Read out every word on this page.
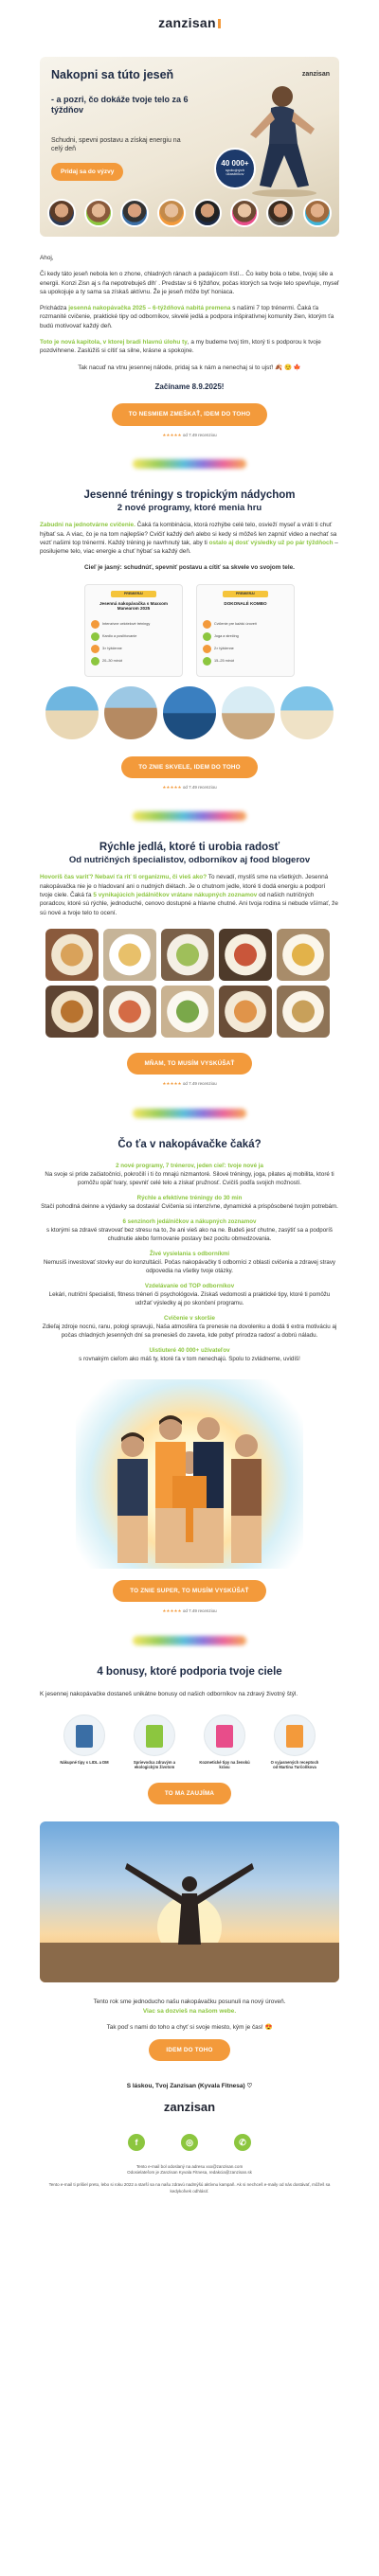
zanzisan
Nakopni sa túto jeseň
- a pozri, čo dokáže tvoje telo za 6 týždňov
Schudni, spevni postavu a získaj energiu na celý deň
Pridaj sa do výzvy
zanzisan
40 000+
spokojných účastníkov
Ahoj,
Či kedy táto jeseň nebola len o zhone, chladných ránach a padajúcom lístí... Čo keby bola o tebe, tvojej sile a energii. Konzi Zisn aj s ňa nepotrebuješ dlh' . Predstav si 6 týždňov, počas ktorých sa tvoje telo spevňuje, myseľ sa upokojuje a ty sama sa získaš aktívnu. Že je jeseň môže byť honiaca.
Prichádza jesenná nakopávačka 2025 – 6-týždňová nabitá premena s našimi 7 top trénermi. Čaká ťa rozmanité cvičenie, praktické tipy od odborníkov, skvelé jedlá a podpora inšpiratívnej komunity žien, ktorým ťa budú motivovať každý deň.
Toto je nová kapitola, v ktorej bradi hlavnú úlohu ty, a my budeme tvoj tím, ktorý ti s podporou k tvoje pozdvihnene. Zaslúžiš si cítiť sa silne, krásne a spokojne.
Tak nacuď na vtnu jesennej nálode, pridaj sa k nám a nenechaj si to ujsť! 🍂 ☺️ 🍁
Začíname 8.9.2025!
TO NESMIEM ZMEŠKAŤ, IDEM DO TOHO
★★★★★ od 7.49 recenziou
Jesenné tréningy s tropickým nádychom
2 nové programy, ktoré menia hru
Zabudni na jednotvárne cvičenie. Čaká ťa kombinácia, ktorá rozhýbe celé telo, osvieží myseľ a vráti ti chuť hýbať sa. A viac, čo je na tom najlepšie? Cvičiť každý deň alebo si kedy si môžeš len zapnúť video a nechať sa vezť našimi top trénermi. Každý tréning je navrhnutý tak, aby ti ostalo aj dosť výsledky už po pár týždňoch – posilujeme telo, viac energie a chuť hýbať sa každý deň.
Cieľ je jasný: schudnúť, spevniť postavu a cítiť sa skvele vo svojom tele.
PREMIERA!
Jesenná nakopávačka s Maxxom Manearom 2025
Intenzívne celotelové tréningy
Kardio a posilňovanie
3× týždenne
20–30 minút
PREMIERA!
DOKONALÉ KOMBO
Cvičenie pre každú úroveň
Joga a strečing
2× týždenne
15–25 minút
TO ZNIE SKVELE, IDEM DO TOHO
★★★★★ od 7.49 recenziou
Rýchle jedlá, ktoré ti urobia radosť
Od nutričných špecialistov, odborníkov aj food blogerov
Hovoríš čas variť? Nebaví ťa riť ti organizmu, či vieš ako? To nevadí, myslíš sme na všetkých. Jesenná nakopávačka nie je o hladovaní ani o nudných diétach. Je o chutnom jedle, ktoré ti dodá energiu a podporí tvoje ciele. Čaká ťa 5 vynikajúcich jedálničkov vrátane nákupných zoznamov od našich nutričných poradcov, ktoré sú rýchle, jednoduché, cenovo dostupné a hlavne chutné. Ani tvoja rodina si nebude všímať, že sú nové a tvoje telo to ocení.
MŇAM, TO MUSÍM VYSKÚŠAŤ
★★★★★ od 7.49 recenziou
Čo ťa v nakopávačke čaká?
2 nové programy, 7 trénerov, jeden cieľ: tvoje nové ja
Na svoje si príde začiatočníci, pokročilí i ti čo mnajú nizmantoré. Silové tréningy, joga, pilates aj mobilita, ktoré ti pomôžu opäť tvary, spevniť celé telo a získať pružnosť. Cvičíš podľa svojich možností.
Rýchle a efektívne tréningy do 30 min
Stačí pohodlná deinne a výdavky sa dostavia! Cvičenia sú intenzívne, dynamické a prispôsobené tvojim potrebám.
6 senzinorh jedálničkov a nákupných zoznamov
s ktorými sa zdravé stravovať bez stresu na to, že ani vieš ako na ne. Budeš jesť chutne, zasýtiť sa a podporíš chudnutie alebo formovanie postavy bez pocitu obmedzovania.
Živé vysielania s odborníkmi
Nemusíš investovať stovky eur do konzultácií. Počas nakopávačky ti odborníci z oblasti cvičenia a zdravej stravy odpovedia na všetky tvoje otázky.
Vzdelávanie od TOP odborníkov
Lekári, nutriční špecialisti, fitness tréneri či psychológovia. Získaš vedomosti a praktické tipy, ktoré ti pomôžu udržať výsledky aj po skončení programu.
Cvičenie v skoršie
Zdieľaj zdroje nocnú, ranu, pologi spravujú, Naša atmosféra ťa prenesie na dovolenku a dodá ti extra motiváciu aj počas chladných jesenných dní sa prenesieš do zaveta, kde pobyť prirodza radosť a dobrú náladu.
Uistiuteré 40 000+ užívateľov
s rovnakým cieľom ako máš ty, ktoré ťa v tom nenechajú. Spolu to zvládneme, uvidíš!
TO ZNIE SUPER, TO MUSÍM VYSKÚŠAŤ
★★★★★ od 7.49 recenziou
4 bonusy, ktoré podporia tvoje ciele
K jesennej nakopávačke dostaneš unikátne bonusy od našich odborníkov na zdravý životný štýl.
Nákupné tipy s LIDL a DM	Sprievodca zdravým a ekologickým životom
Kozmetické tipy na ženskú krásu
O vyjasnených receptoch od Martina Turčoňkova
TO MA ZAUJÍMA
Tento rok sme jednoducho našu nakopávačku posunuli na nový úroveň.
Viac sa dozvieš na našom webe.
Tak poď s nami do toho a chyť si svoje miesto, kým je čas! 😍
IDEM DO TOHO
S láskou, Tvoj Zanzisan (Kyvala Fitnesa) ♡
zanzisan
f	◎	✆
Tento e-mail bol odoslaný na adresu xxx@zanzisan.com
Odosielateľom je Zanzisan Kyvala Fitnesa, redakcia@zanzisan.sk
Tento e-mail ti prišiel preto, lebo si roku 2022 a starší sa na našu zdravú nadmýšú aktívnu kampaň. Ak si nechceš e-maily od nás dostávať, môžeš sa kedykoľvek odhlásiť.
